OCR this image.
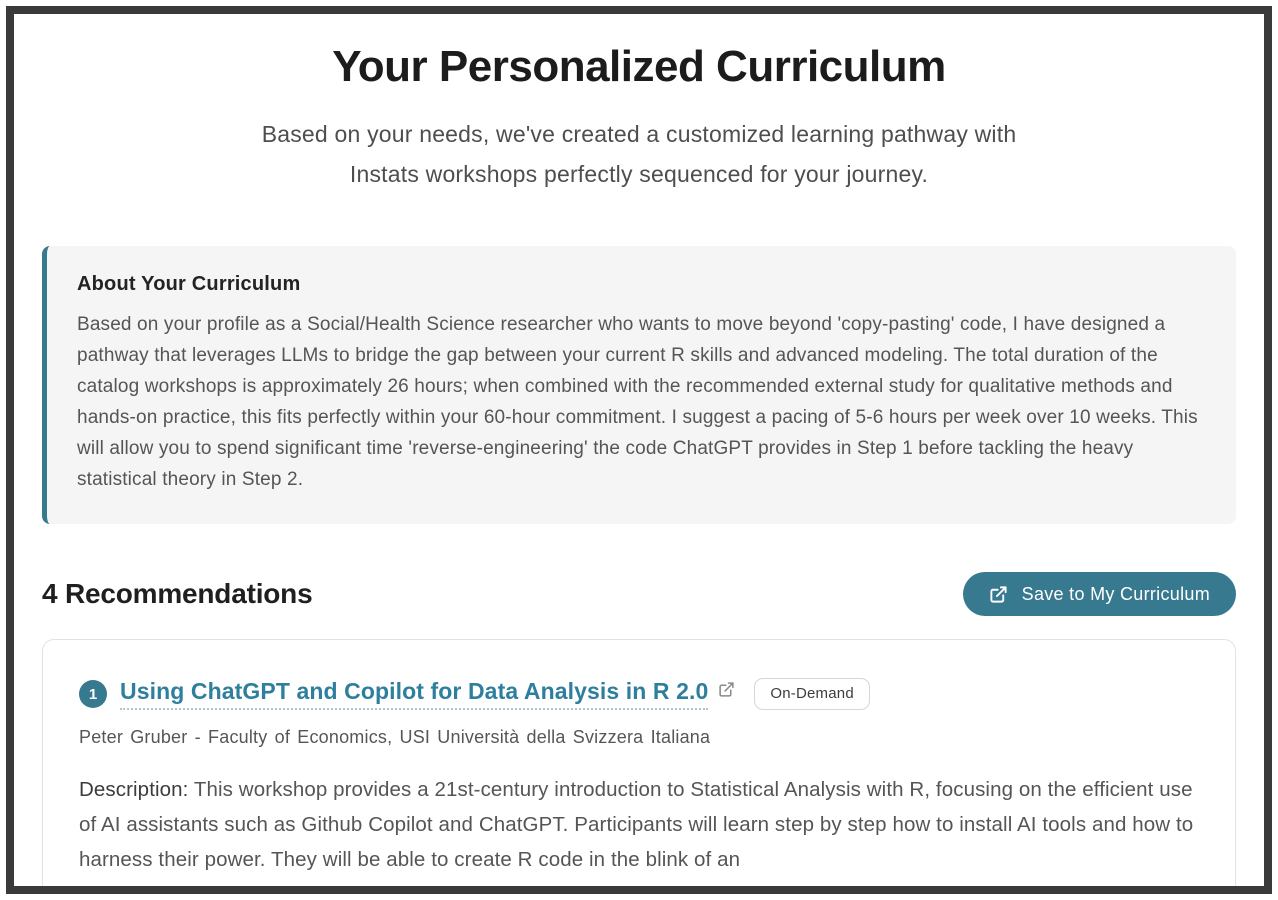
Your Personalized Curriculum
Based on your needs, we've created a customized learning pathway with
Instats workshops perfectly sequenced for your journey.
About Your Curriculum

Based on your profile as a Social/Health Science researcher who wants to move beyond 'copy-pasting' code, I have designed a pathway that leverages LLMs to bridge the gap between your current R skills and advanced modeling. The total duration of the catalog workshops is approximately 26 hours; when combined with the recommended external study for qualitative methods and hands-on practice, this fits perfectly within your 60-hour commitment. I suggest a pacing of 5-6 hours per week over 10 weeks. This will allow you to spend significant time 'reverse-engineering' the code ChatGPT provides in Step 1 before tackling the heavy statistical theory in Step 2.

4 Recommendations	Save to My Curriculum
1 Using ChatGPT and Copilot for Data Analysis in R 2.0	On-Demand
Peter Gruber - Faculty of Economics, USI Università della Svizzera Italiana

Description: This workshop provides a 21st-century introduction to Statistical Analysis with R, focusing on the efficient use of AI assistants such as Github Copilot and ChatGPT. Participants will learn step by step how to install AI tools and how to harness their power. They will be able to create R code in the blink of an
